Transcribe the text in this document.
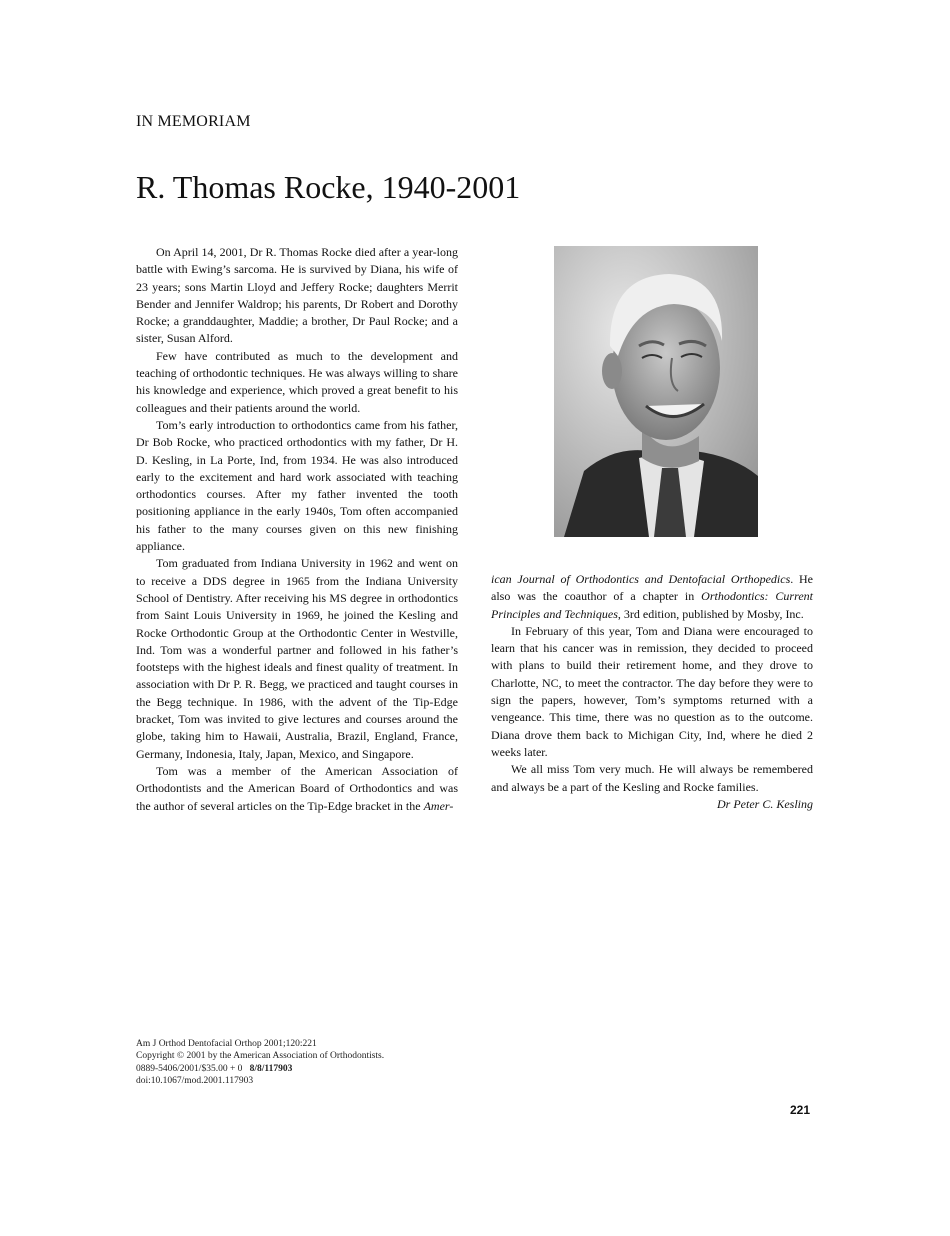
IN MEMORIAM
R. Thomas Rocke, 1940-2001

On April 14, 2001, Dr R. Thomas Rocke died after a year-long battle with Ewing’s sarcoma. He is survived by Diana, his wife of 23 years; sons Martin Lloyd and Jeffery Rocke; daughters Merrit Bender and Jennifer Waldrop; his parents, Dr Robert and Dorothy Rocke; a granddaughter, Maddie; a brother, Dr Paul Rocke; and a sister, Susan Alford.

Few have contributed as much to the development and teaching of orthodontic techniques. He was always willing to share his knowledge and experience, which proved a great benefit to his colleagues and their patients around the world.

Tom’s early introduction to orthodontics came from his father, Dr Bob Rocke, who practiced orthodontics with my father, Dr H. D. Kesling, in La Porte, Ind, from 1934. He was also introduced early to the excitement and hard work associated with teaching orthodontics courses. After my father invented the tooth positioning appliance in the early 1940s, Tom often accompanied his father to the many courses given on this new finishing appliance.

Tom graduated from Indiana University in 1962 and went on to receive a DDS degree in 1965 from the Indiana University School of Dentistry. After receiving his MS degree in orthodontics from Saint Louis University in 1969, he joined the Kesling and Rocke Orthodontic Group at the Orthodontic Center in Westville, Ind. Tom was a wonderful partner and followed in his father’s footsteps with the highest ideals and finest quality of treatment. In association with Dr P. R. Begg, we practiced and taught courses in the Begg technique. In 1986, with the advent of the Tip-Edge bracket, Tom was invited to give lectures and courses around the globe, taking him to Hawaii, Australia, Brazil, England, France, Germany, Indonesia, Italy, Japan, Mexico, and Singapore.

Tom was a member of the American Association of Orthodontists and the American Board of Orthodontics and was the author of several articles on the Tip-Edge bracket in the Amer-

ican Journal of Orthodontics and Dentofacial Orthopedics. He also was the coauthor of a chapter in Orthodontics: Current Principles and Techniques, 3rd edition, published by Mosby, Inc.

In February of this year, Tom and Diana were encouraged to learn that his cancer was in remission, they decided to proceed with plans to build their retirement home, and they drove to Charlotte, NC, to meet the contractor. The day before they were to sign the papers, however, Tom’s symptoms returned with a vengeance. This time, there was no question as to the outcome. Diana drove them back to Michigan City, Ind, where he died 2 weeks later.

We all miss Tom very much. He will always be remembered and always be a part of the Kesling and Rocke families.

Dr Peter C. Kesling

Am J Orthod Dentofacial Orthop 2001;120:221
Copyright © 2001 by the American Association of Orthodontists.
0889-5406/2001/$35.00 + 0 8/8/117903
doi:10.1067/mod.2001.117903
221
